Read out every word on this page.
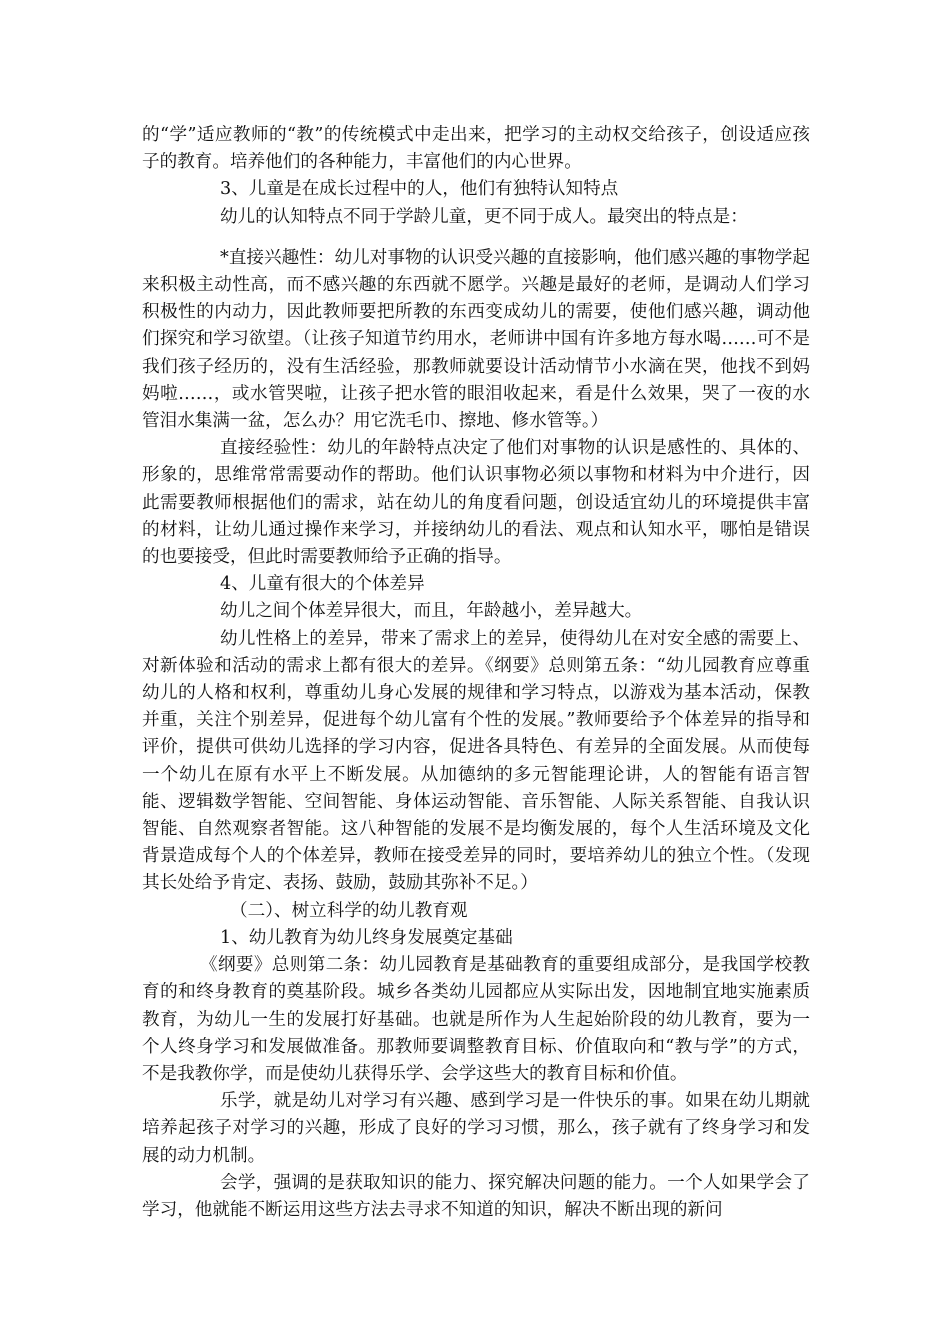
的“学”适应教师的“教”的传统模式中走出来，把学习的主动权交给孩子，创设适应孩子的教育。培养他们的各种能力，丰富他们的内心世界。

3、儿童是在成长过程中的人，他们有独特认知特点

幼儿的认知特点不同于学龄儿童，更不同于成人。最突出的特点是：

*直接兴趣性：幼儿对事物的认识受兴趣的直接影响，他们感兴趣的事物学起来积极主动性高，而不感兴趣的东西就不愿学。兴趣是最好的老师，是调动人们学习积极性的内动力，因此教师要把所教的东西变成幼儿的需要，使他们感兴趣，调动他们探究和学习欲望。（让孩子知道节约用水，老师讲中国有许多地方每水喝……可不是我们孩子经历的，没有生活经验，那教师就要设计活动情节小水滴在哭，他找不到妈妈啦……，或水管哭啦，让孩子把水管的眼泪收起来，看是什么效果，哭了一夜的水管泪水集满一盆，怎么办？用它洗毛巾、擦地、修水管等。）

直接经验性：幼儿的年龄特点决定了他们对事物的认识是感性的、具体的、形象的，思维常常需要动作的帮助。他们认识事物必须以事物和材料为中介进行，因此需要教师根据他们的需求，站在幼儿的角度看问题，创设适宜幼儿的环境提供丰富的材料，让幼儿通过操作来学习，并接纳幼儿的看法、观点和认知水平，哪怕是错误的也要接受，但此时需要教师给予正确的指导。

4、儿童有很大的个体差异

幼儿之间个体差异很大，而且，年龄越小，差异越大。

幼儿性格上的差异，带来了需求上的差异，使得幼儿在对安全感的需要上、对新体验和活动的需求上都有很大的差异。《纲要》总则第五条：“幼儿园教育应尊重幼儿的人格和权利，尊重幼儿身心发展的规律和学习特点，以游戏为基本活动，保教并重，关注个别差异，促进每个幼儿富有个性的发展。”教师要给予个体差异的指导和评价，提供可供幼儿选择的学习内容，促进各具特色、有差异的全面发展。从而使每一个幼儿在原有水平上不断发展。从加德纳的多元智能理论讲，人的智能有语言智能、逻辑数学智能、空间智能、身体运动智能、音乐智能、人际关系智能、自我认识智能、自然观察者智能。这八种智能的发展不是均衡发展的，每个人生活环境及文化背景造成每个人的个体差异，教师在接受差异的同时，要培养幼儿的独立个性。（发现其长处给予肯定、表扬、鼓励，鼓励其弥补不足。）

（二）、树立科学的幼儿教育观

1、幼儿教育为幼儿终身发展奠定基础

《纲要》总则第二条：幼儿园教育是基础教育的重要组成部分，是我国学校教育的和终身教育的奠基阶段。城乡各类幼儿园都应从实际出发，因地制宜地实施素质教育，为幼儿一生的发展打好基础。也就是所作为人生起始阶段的幼儿教育，要为一个人终身学习和发展做准备。那教师要调整教育目标、价值取向和“教与学”的方式，不是我教你学，而是使幼儿获得乐学、会学这些大的教育目标和价值。

乐学，就是幼儿对学习有兴趣、感到学习是一件快乐的事。如果在幼儿期就培养起孩子对学习的兴趣，形成了良好的学习习惯，那么，孩子就有了终身学习和发展的动力机制。

会学，强调的是获取知识的能力、探究解决问题的能力。一个人如果学会了学习，他就能不断运用这些方法去寻求不知道的知识，解决不断出现的新问
